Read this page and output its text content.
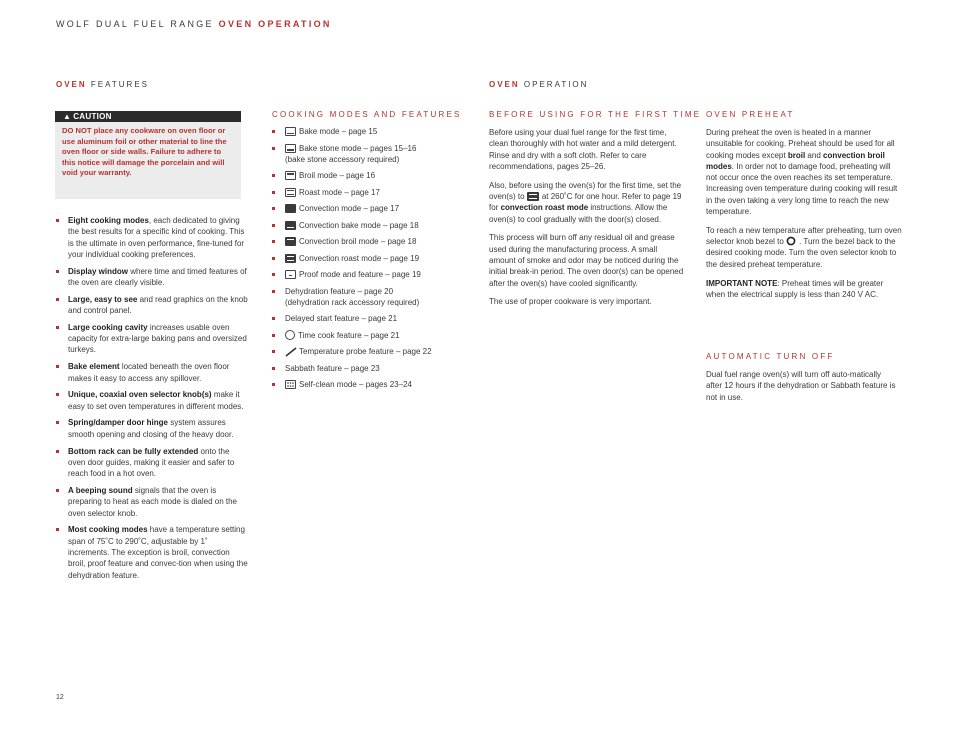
WOLF DUAL FUEL RANGE OVEN OPERATION
OVEN FEATURES
▲ CAUTION
DO NOT place any cookware on oven floor or use aluminum foil or other material to line the oven floor or side walls. Failure to adhere to this notice will damage the porcelain and will void your warranty.
Eight cooking modes, each dedicated to giving the best results for a specific kind of cooking. This is the ultimate in oven performance, fine-tuned for your individual cooking preferences.
Display window where time and timed features of the oven are clearly visible.
Large, easy to see and read graphics on the knob and control panel.
Large cooking cavity increases usable oven capacity for extra-large baking pans and oversized turkeys.
Bake element located beneath the oven floor makes it easy to access any spillover.
Unique, coaxial oven selector knob(s) make it easy to set oven temperatures in different modes.
Spring/damper door hinge system assures smooth opening and closing of the heavy door.
Bottom rack can be fully extended onto the oven door guides, making it easier and safer to reach food in a hot oven.
A beeping sound signals that the oven is preparing to heat as each mode is dialed on the oven selector knob.
Most cooking modes have a temperature setting span of 75˚C to 290˚C, adjustable by 1˚ increments. The exception is broil, convection broil, proof feature and convec-tion when using the dehydration feature.
COOKING MODES AND FEATURES
Bake mode – page 15
Bake stone mode – pages 15–16
(bake stone accessory required)
Broil mode – page 16
Roast mode – page 17
Convection mode – page 17
Convection bake mode – page 18
Convection broil mode – page 18
Convection roast mode – page 19
Proof mode and feature – page 19
Dehydration feature – page 20
(dehydration rack accessory required)
Delayed start feature – page 21
Time cook feature – page 21
Temperature probe feature – page 22
Sabbath feature – page 23
Self-clean mode – pages 23–24
OVEN OPERATION
BEFORE USING FOR THE FIRST TIME

Before using your dual fuel range for the first time, clean thoroughly with hot water and a mild detergent. Rinse and dry with a soft cloth. Refer to care recommendations, pages 25–26.

Also, before using the oven(s) for the first time, set the oven(s) to at 260˚C for one hour. Refer to page 19 for convection roast mode instructions. Allow the oven(s) to cool gradually with the door(s) closed.

This process will burn off any residual oil and grease used during the manufacturing process. A small amount of smoke and odor may be noticed during the initial break-in period. The oven door(s) can be opened after the oven(s) have cooled significantly.

The use of proper cookware is very important.

OVEN PREHEAT

During preheat the oven is heated in a manner unsuitable for cooking. Preheat should be used for all cooking modes except broil and convection broil modes. In order not to damage food, preheating will not occur once the oven reaches its set temperature. Increasing oven temperature during cooking will result in the oven taking a very long time to reach the new temperature.

To reach a new temperature after preheating, turn oven selector knob bezel to . Turn the bezel back to the desired cooking mode. Turn the oven selector knob to the desired preheat temperature.

IMPORTANT NOTE: Preheat times will be greater when the electrical supply is less than 240 V AC.

AUTOMATIC TURN OFF

Dual fuel range oven(s) will turn off auto-matically after 12 hours if the dehydration or Sabbath feature is not in use.

12
